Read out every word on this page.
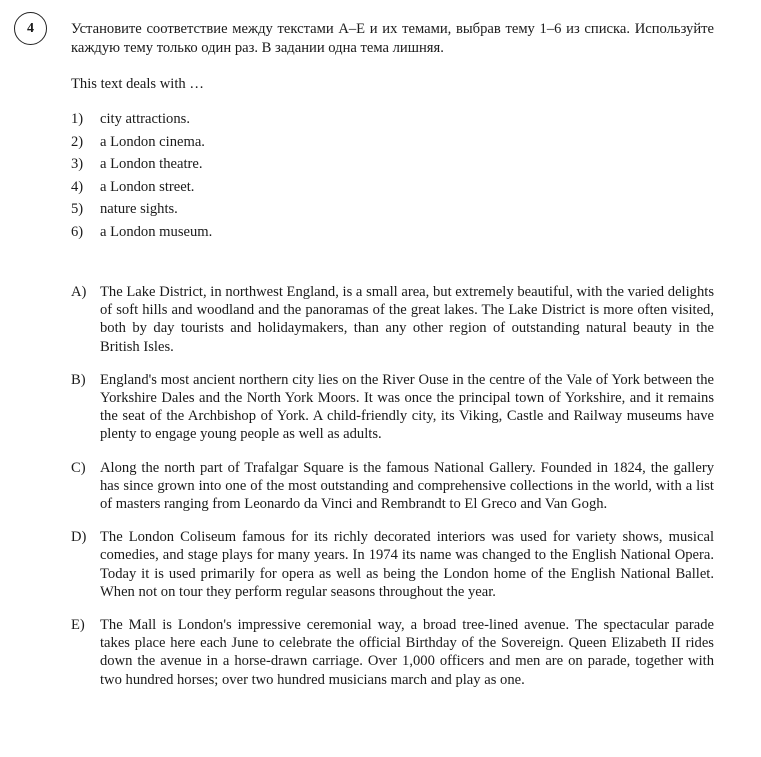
4	Установите соответствие между текстами А–Е и их темами, выбрав тему 1–6 из списка. Используйте каждую тему только один раз. В задании одна тема лишняя.
This text deals with …
1)	city attractions.
2)	a London cinema.
3)	a London theatre.
4)	a London street.
5)	nature sights.
6)	a London museum.
A) The Lake District, in northwest England, is a small area, but extremely beautiful, with the varied delights of soft hills and woodland and the panoramas of the great lakes. The Lake District is more often visited, both by day tourists and holidaymakers, than any other region of outstanding natural beauty in the British Isles.
B) England's most ancient northern city lies on the River Ouse in the centre of the Vale of York between the Yorkshire Dales and the North York Moors. It was once the principal town of Yorkshire, and it remains the seat of the Archbishop of York. A child-friendly city, its Viking, Castle and Railway museums have plenty to engage young people as well as adults.
C) Along the north part of Trafalgar Square is the famous National Gallery. Founded in 1824, the gallery has since grown into one of the most outstanding and comprehensive collections in the world, with a list of masters ranging from Leonardo da Vinci and Rembrandt to El Greco and Van Gogh.
D) The London Coliseum famous for its richly decorated interiors was used for variety shows, musical comedies, and stage plays for many years. In 1974 its name was changed to the English National Opera. Today it is used primarily for opera as well as being the London home of the English National Ballet. When not on tour they perform regular seasons throughout the year.
E)	The Mall is London's impressive ceremonial way, a broad tree-lined avenue. The spectacular parade takes place here each June to celebrate the official Birthday of the Sovereign. Queen Elizabeth II rides down the avenue in a horse-drawn carriage. Over 1,000 officers and men are on parade, together with two hundred horses; over two hundred musicians march and play as one.
